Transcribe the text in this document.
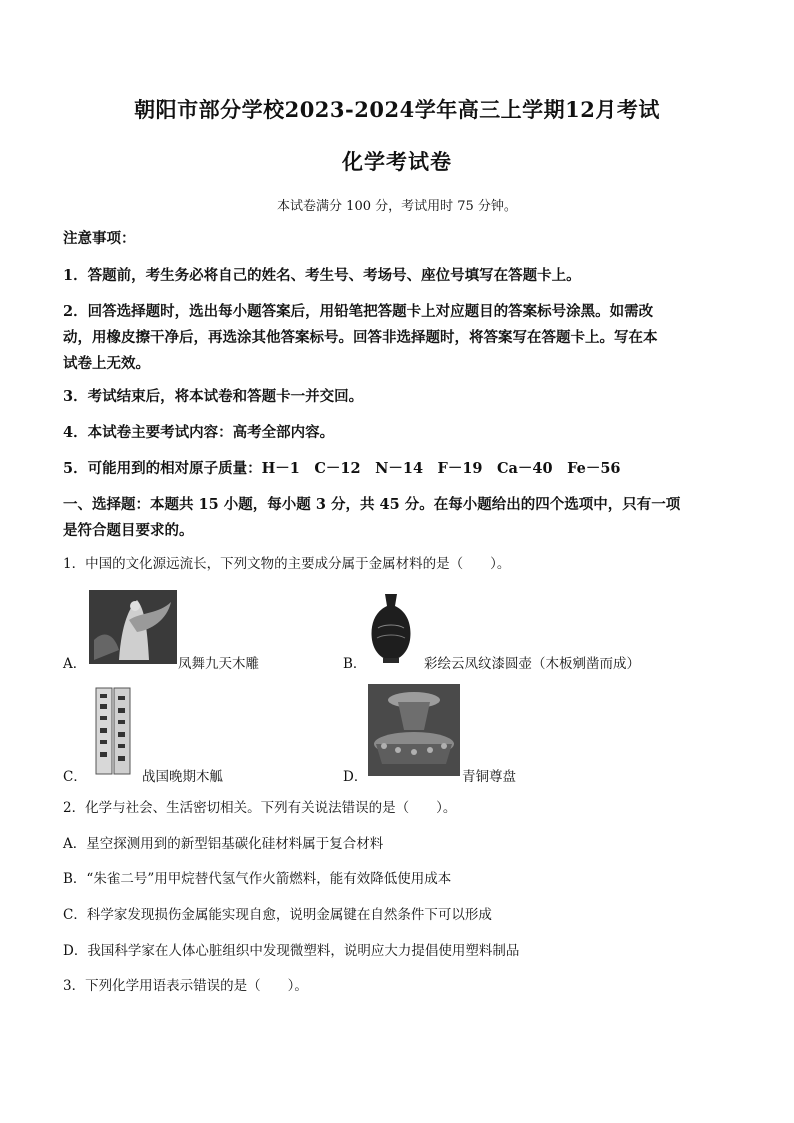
朝阳市部分学校2023-2024学年高三上学期12月考试
化学考试卷
本试卷满分 100 分，考试用时 75 分钟。
注意事项：
1．答题前，考生务必将自己的姓名、考生号、考场号、座位号填写在答题卡上。
2．回答选择题时，选出每小题答案后，用铅笔把答题卡上对应题目的答案标号涂黑。如需改
动，用橡皮擦干净后，再选涂其他答案标号。回答非选择题时，将答案写在答题卡上。写在本
试卷上无效。
3．考试结束后，将本试卷和答题卡一并交回。
4．本试卷主要考试内容：高考全部内容。
5．可能用到的相对原子质量：H－1　C－12　N－14　F－19　Ca－40　Fe－56
一、选择题：本题共 15 小题，每小题 3 分，共 45 分。在每小题给出的四个选项中，只有一项
是符合题目要求的。
1．中国的文化源远流长，下列文物的主要成分属于金属材料的是（　　）。
A．	凤舞九天木雕	B．	彩绘云凤纹漆圆壶（木板剜凿而成）
C．	战国晚期木觚	D．	青铜尊盘
2．化学与社会、生活密切相关。下列有关说法错误的是（　　）。
A．星空探测用到的新型铝基碳化硅材料属于复合材料
B．“朱雀二号”用甲烷替代氢气作火箭燃料，能有效降低使用成本
C．科学家发现损伤金属能实现自愈，说明金属键在自然条件下可以形成
D．我国科学家在人体心脏组织中发现微塑料，说明应大力提倡使用塑料制品
3．下列化学用语表示错误的是（　　）。
